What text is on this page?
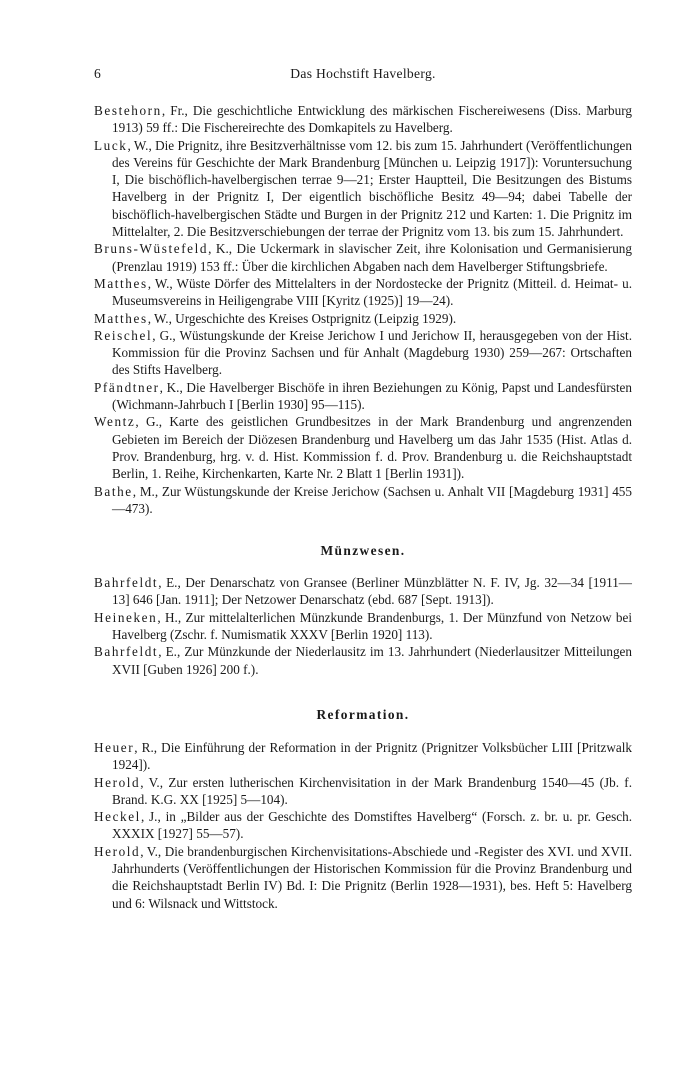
6	Das Hochstift Havelberg.

Bestehorn, Fr., Die geschichtliche Entwicklung des märkischen Fischereiwesens (Diss. Marburg 1913) 59 ff.: Die Fischereirechte des Domkapitels zu Havelberg.

Luck, W., Die Prignitz, ihre Besitzverhältnisse vom 12. bis zum 15. Jahrhundert (Veröffentlichungen des Vereins für Geschichte der Mark Brandenburg [München u. Leipzig 1917]): Voruntersuchung I, Die bischöflich-havelbergischen terrae 9—21; Erster Hauptteil, Die Besitzungen des Bistums Havelberg in der Prignitz I, Der eigentlich bischöfliche Besitz 49—94; dabei Tabelle der bischöflich-havelbergischen Städte und Burgen in der Prignitz 212 und Karten: 1. Die Prignitz im Mittelalter, 2. Die Besitzverschiebungen der terrae der Prignitz vom 13. bis zum 15. Jahrhundert.

Bruns-Wüstefeld, K., Die Uckermark in slavischer Zeit, ihre Kolonisation und Germanisierung (Prenzlau 1919) 153 ff.: Über die kirchlichen Abgaben nach dem Havelberger Stiftungsbriefe.

Matthes, W., Wüste Dörfer des Mittelalters in der Nordostecke der Prignitz (Mitteil. d. Heimat- u. Museumsvereins in Heiligengrabe VIII [Kyritz (1925)] 19—24).

Matthes, W., Urgeschichte des Kreises Ostprignitz (Leipzig 1929).

Reischel, G., Wüstungskunde der Kreise Jerichow I und Jerichow II, herausgegeben von der Hist. Kommission für die Provinz Sachsen und für Anhalt (Magdeburg 1930) 259—267: Ortschaften des Stifts Havelberg.

Pfändtner, K., Die Havelberger Bischöfe in ihren Beziehungen zu König, Papst und Landesfürsten (Wichmann-Jahrbuch I [Berlin 1930] 95—115).

Wentz, G., Karte des geistlichen Grundbesitzes in der Mark Brandenburg und angrenzenden Gebieten im Bereich der Diözesen Brandenburg und Havelberg um das Jahr 1535 (Hist. Atlas d. Prov. Brandenburg, hrg. v. d. Hist. Kommission f. d. Prov. Brandenburg u. die Reichshauptstadt Berlin, 1. Reihe, Kirchenkarten, Karte Nr. 2 Blatt 1 [Berlin 1931]).

Bathe, M., Zur Wüstungskunde der Kreise Jerichow (Sachsen u. Anhalt VII [Magdeburg 1931] 455—473).

Münzwesen.

Bahrfeldt, E., Der Denarschatz von Gransee (Berliner Münzblätter N. F. IV, Jg. 32—34 [1911—13] 646 [Jan. 1911]; Der Netzower Denarschatz (ebd. 687 [Sept. 1913]).

Heineken, H., Zur mittelalterlichen Münzkunde Brandenburgs, 1. Der Münzfund von Netzow bei Havelberg (Zschr. f. Numismatik XXXV [Berlin 1920] 113).

Bahrfeldt, E., Zur Münzkunde der Niederlausitz im 13. Jahrhundert (Niederlausitzer Mitteilungen XVII [Guben 1926] 200 f.).

Reformation.

Heuer, R., Die Einführung der Reformation in der Prignitz (Prignitzer Volksbücher LIII [Pritzwalk 1924]).

Herold, V., Zur ersten lutherischen Kirchenvisitation in der Mark Brandenburg 1540—45 (Jb. f. Brand. K.G. XX [1925] 5—104).

Heckel, J., in „Bilder aus der Geschichte des Domstiftes Havelberg“ (Forsch. z. br. u. pr. Gesch. XXXIX [1927] 55—57).

Herold, V., Die brandenburgischen Kirchenvisitations-Abschiede und -Register des XVI. und XVII. Jahrhunderts (Veröffentlichungen der Historischen Kommission für die Provinz Brandenburg und die Reichshauptstadt Berlin IV) Bd. I: Die Prignitz (Berlin 1928—1931), bes. Heft 5: Havelberg und 6: Wilsnack und Wittstock.
